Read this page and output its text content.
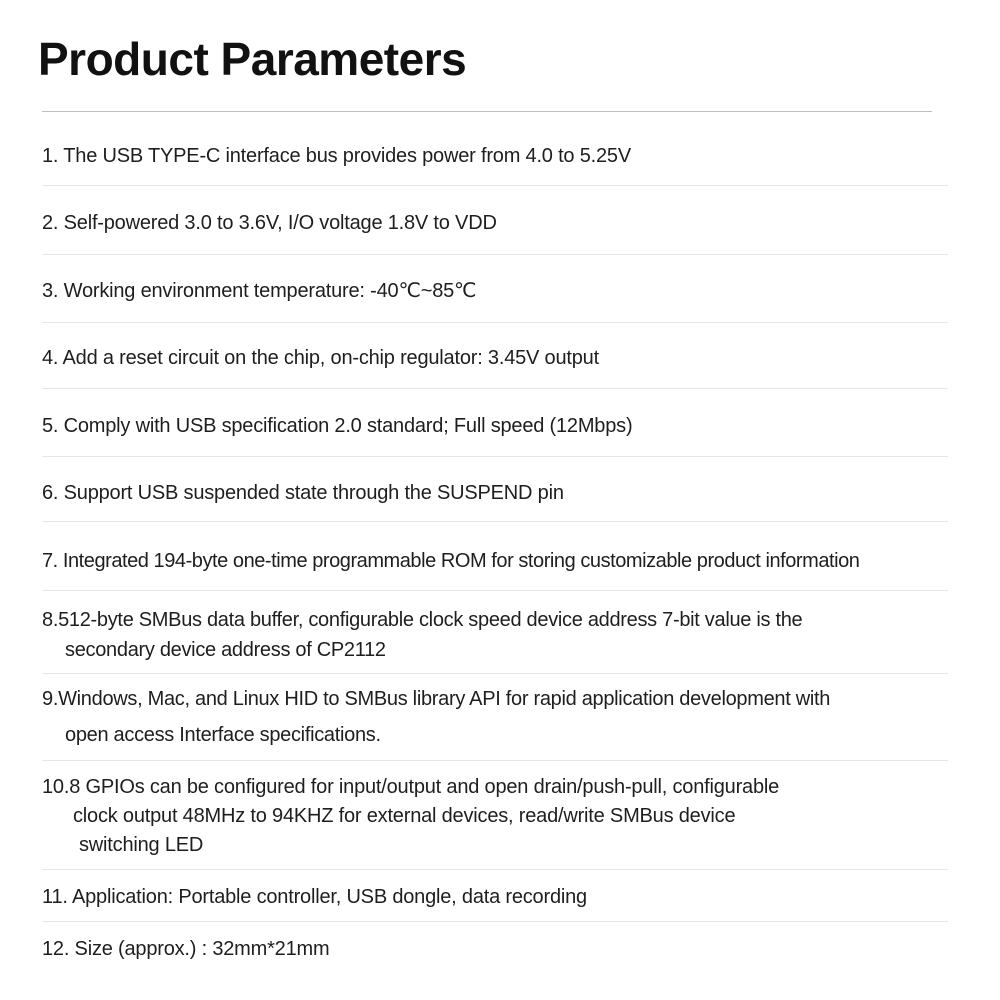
Product Parameters
1. The USB TYPE-C interface bus provides power from 4.0 to 5.25V
2. Self-powered 3.0 to 3.6V, I/O voltage 1.8V to VDD
3. Working environment temperature: -40℃~85℃
4. Add a reset circuit on the chip, on-chip regulator: 3.45V output
5. Comply with USB specification 2.0 standard; Full speed (12Mbps)
6. Support USB suspended state through the SUSPEND pin
7. Integrated 194-byte one-time programmable ROM for storing customizable product information
8.512-byte SMBus data buffer, configurable clock speed device address 7-bit value is the
secondary device address of CP2112
9.Windows, Mac, and Linux HID to SMBus library API for rapid application development with
open access Interface specifications.
10.8 GPIOs can be configured for input/output and open drain/push-pull, configurable
clock output 48MHz to 94KHZ for external devices, read/write SMBus device
switching LED
11. Application: Portable controller, USB dongle, data recording
12. Size (approx.) : 32mm*21mm
